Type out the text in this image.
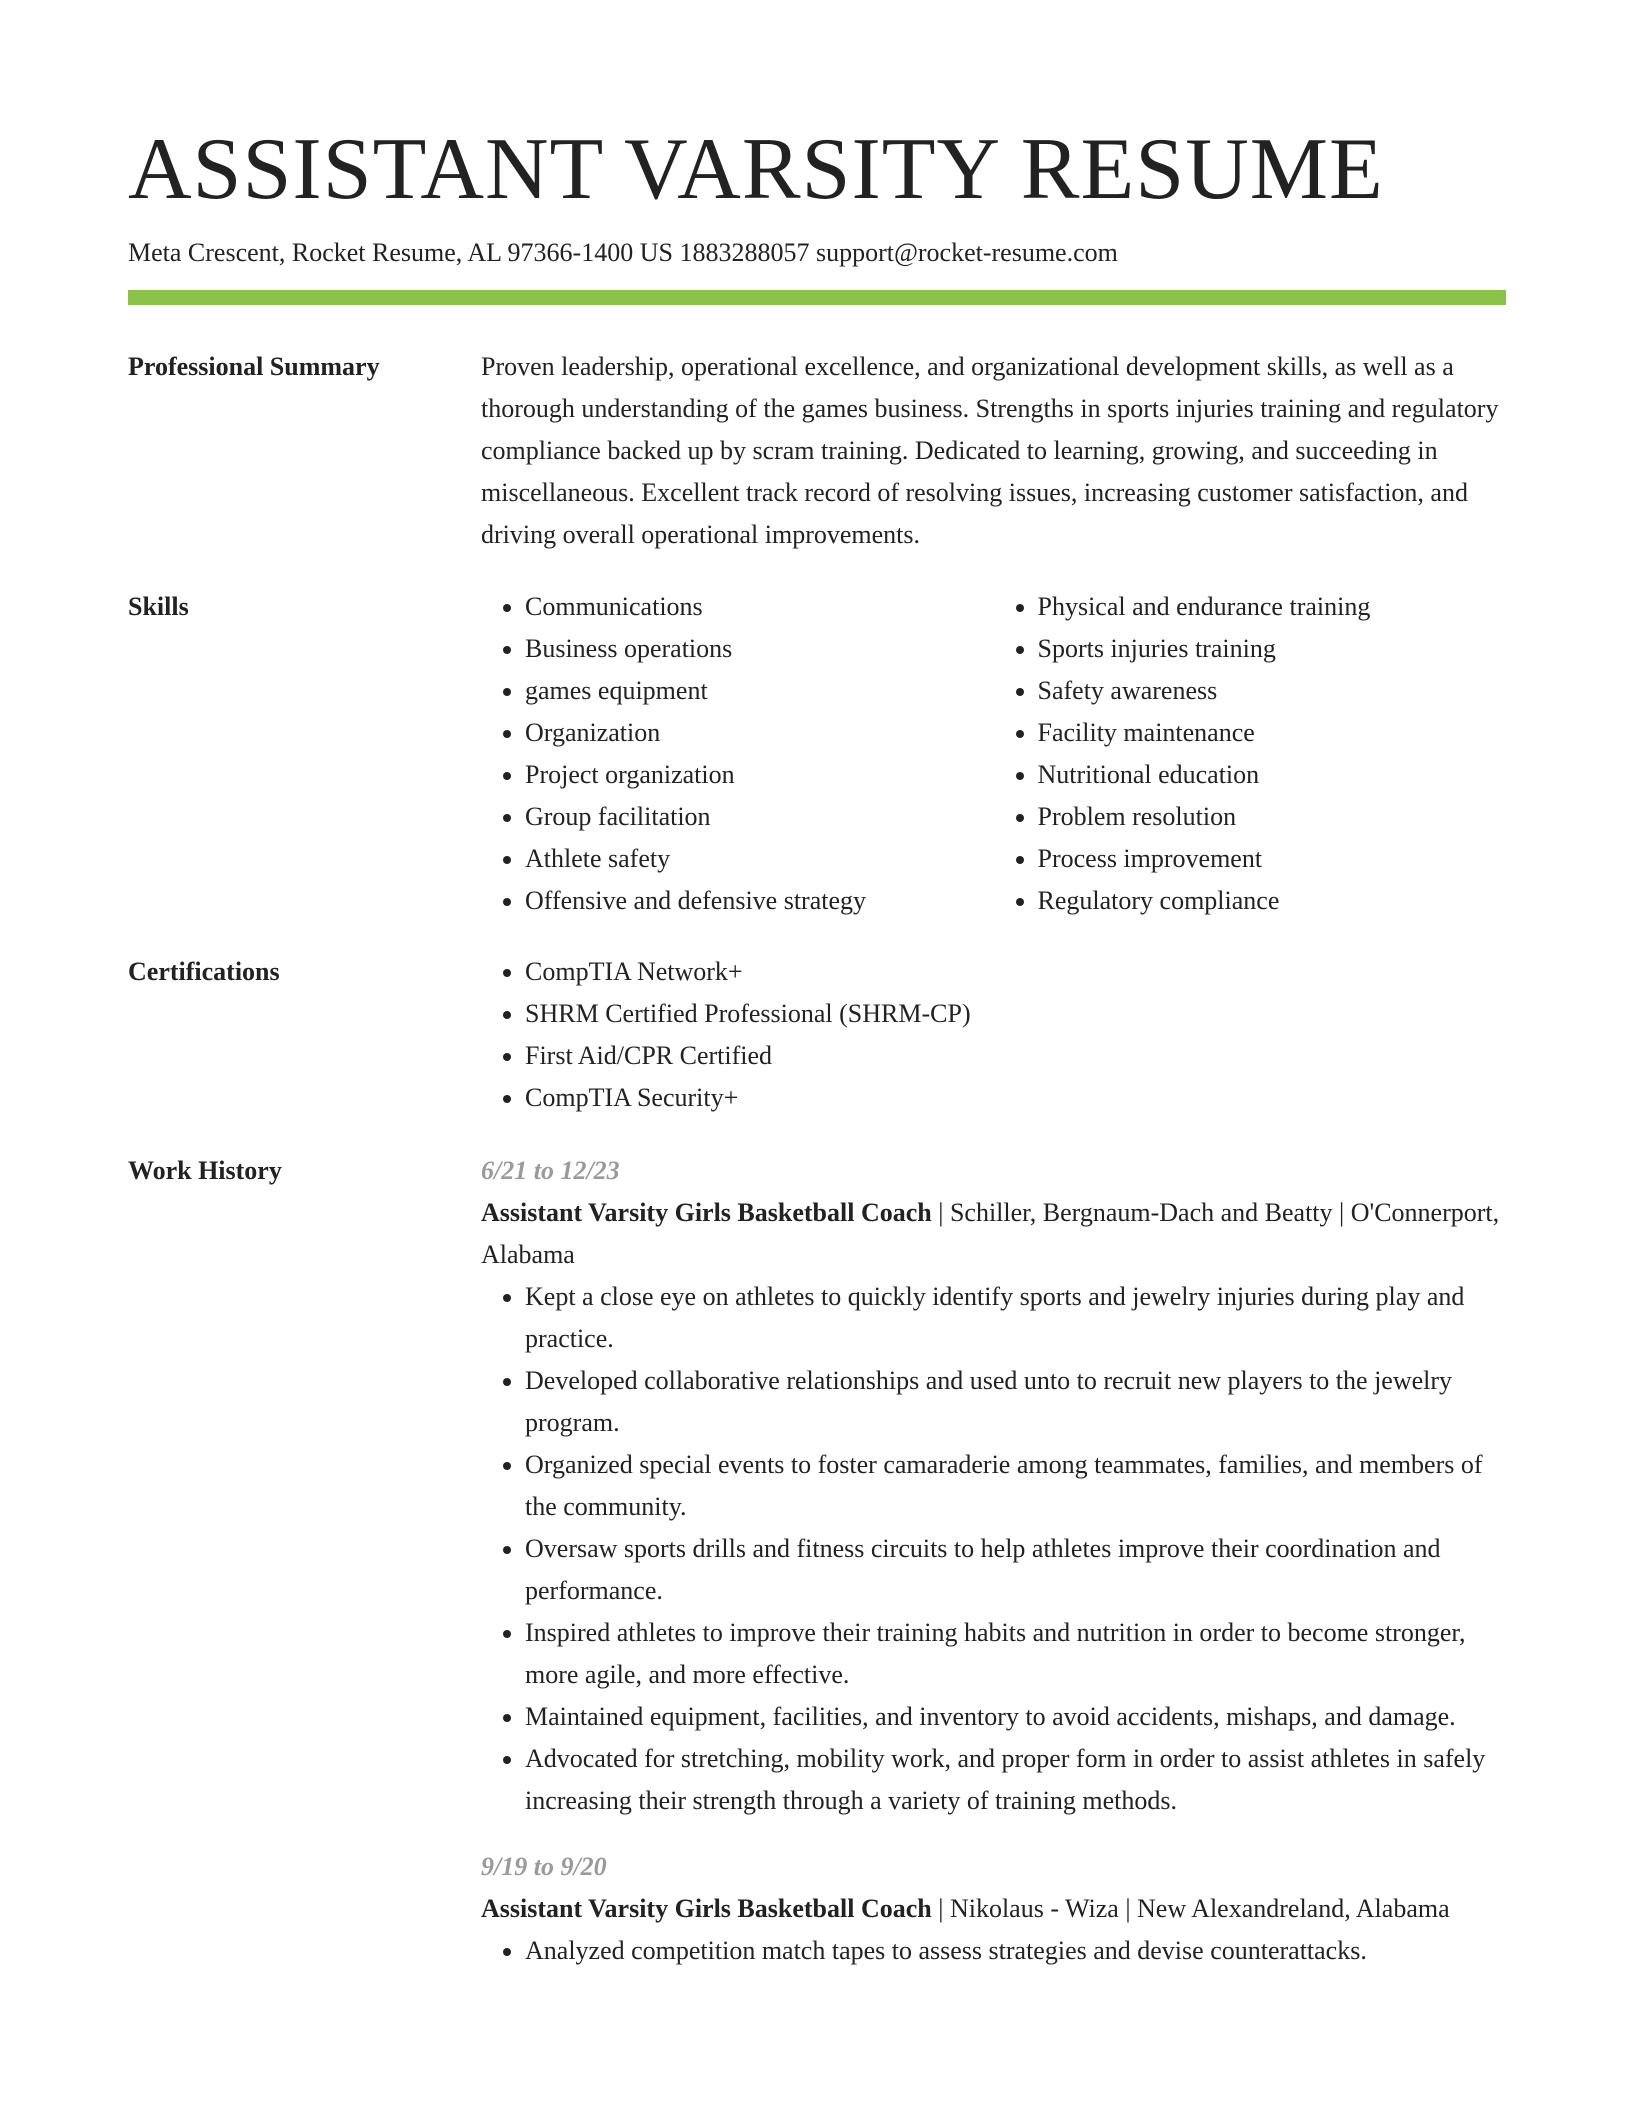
ASSISTANT VARSITY RESUME
Meta Crescent, Rocket Resume, AL 97366-1400 US 1883288057 support@rocket-resume.com
Professional Summary	Proven leadership, operational excellence, and organizational development skills, as well as a thorough understanding of the games business. Strengths in sports injuries training and regulatory compliance backed up by scram training. Dedicated to learning, growing, and succeeding in miscellaneous. Excellent track record of resolving issues, increasing customer satisfaction, and driving overall operational improvements.

Skills	• Communications
• Business operations
• games equipment
• Organization
• Project organization
• Group facilitation
• Athlete safety
• Offensive and defensive strategy
• Physical and endurance training
• Sports injuries training
• Safety awareness
• Facility maintenance
• Nutritional education
• Problem resolution
• Process improvement
• Regulatory compliance
Certifications	• CompTIA Network+
• SHRM Certified Professional (SHRM-CP)
• First Aid/CPR Certified
• CompTIA Security+
Work History	6/21 to 12/23

Assistant Varsity Girls Basketball Coach | Schiller, Bergnaum-Dach and Beatty | O'Connerport, Alabama

• Kept a close eye on athletes to quickly identify sports and jewelry injuries during play and practice.
• Developed collaborative relationships and used unto to recruit new players to the jewelry program.
• Organized special events to foster camaraderie among teammates, families, and members of the community.
• Oversaw sports drills and fitness circuits to help athletes improve their coordination and performance.
• Inspired athletes to improve their training habits and nutrition in order to become stronger, more agile, and more effective.
• Maintained equipment, facilities, and inventory to avoid accidents, mishaps, and damage.
• Advocated for stretching, mobility work, and proper form in order to assist athletes in safely increasing their strength through a variety of training methods.
9/19 to 9/20

Assistant Varsity Girls Basketball Coach | Nikolaus - Wiza | New Alexandreland, Alabama

• Analyzed competition match tapes to assess strategies and devise counterattacks.
